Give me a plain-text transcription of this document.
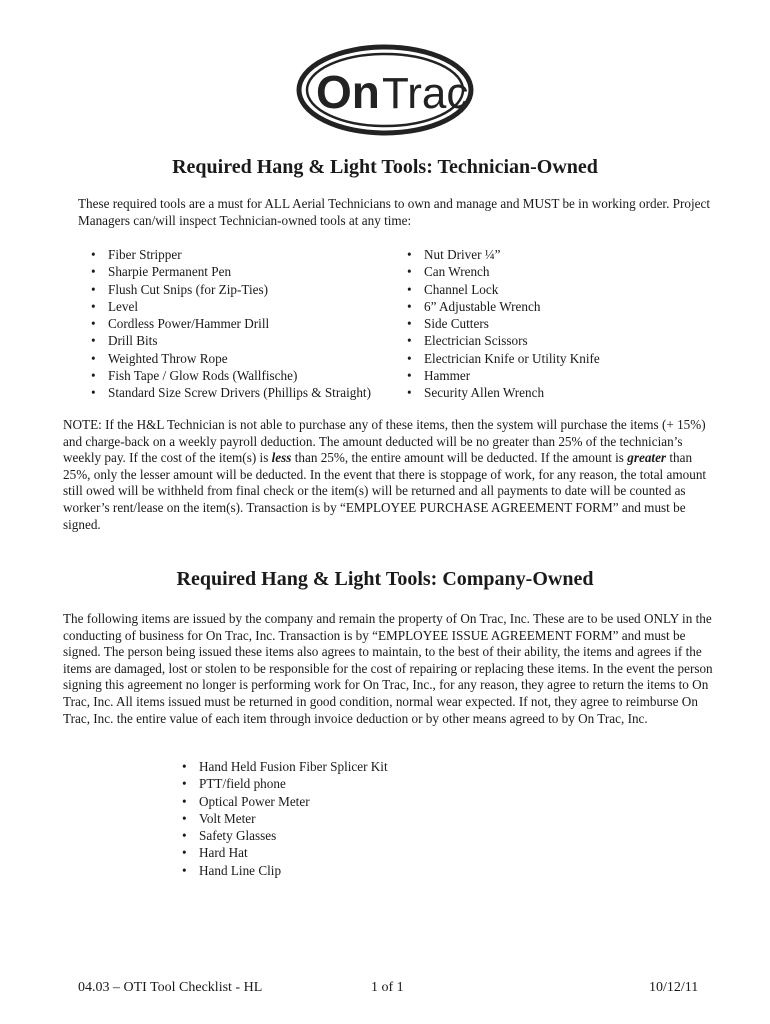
On Trac
Required Hang & Light Tools: Technician-Owned

These required tools are a must for ALL Aerial Technicians to own and manage and MUST be in working order. Project Managers can/will inspect Technician-owned tools at any time:

• Fiber Stripper
• Sharpie Permanent Pen
• Flush Cut Snips (for Zip-Ties)
• Level
• Cordless Power/Hammer Drill
• Drill Bits
• Weighted Throw Rope
• Fish Tape / Glow Rods (Wallfische)
• Standard Size Screw Drivers (Phillips & Straight)
• Nut Driver ¼”
• Can Wrench
• Channel Lock
• 6” Adjustable Wrench
• Side Cutters
• Electrician Scissors
• Electrician Knife or Utility Knife
• Hammer
• Security Allen Wrench

NOTE: If the H&L Technician is not able to purchase any of these items, then the system will purchase the items (+ 15%) and charge-back on a weekly payroll deduction. The amount deducted will be no greater than 25% of the technician’s weekly pay. If the cost of the item(s) is less than 25%, the entire amount will be deducted. If the amount is greater than 25%, only the lesser amount will be deducted. In the event that there is stoppage of work, for any reason, the total amount still owed will be withheld from final check or the item(s) will be returned and all payments to date will be counted as worker’s rent/lease on the item(s). Transaction is by “EMPLOYEE PURCHASE AGREEMENT FORM” and must be signed.

Required Hang & Light Tools: Company-Owned

The following items are issued by the company and remain the property of On Trac, Inc. These are to be used ONLY in the conducting of business for On Trac, Inc. Transaction is by “EMPLOYEE ISSUE AGREEMENT FORM” and must be signed. The person being issued these items also agrees to maintain, to the best of their ability, the items and agrees if the items are damaged, lost or stolen to be responsible for the cost of repairing or replacing these items. In the event the person signing this agreement no longer is performing work for On Trac, Inc., for any reason, they agree to return the items to On Trac, Inc. All items issued must be returned in good condition, normal wear expected. If not, they agree to reimburse On Trac, Inc. the entire value of each item through invoice deduction or by other means agreed to by On Trac, Inc.

• Hand Held Fusion Fiber Splicer Kit
• PTT/field phone
• Optical Power Meter
• Volt Meter
• Safety Glasses
• Hard Hat
• Hand Line Clip
04.03 – OTI Tool Checklist - HL	1 of 1	10/12/11
